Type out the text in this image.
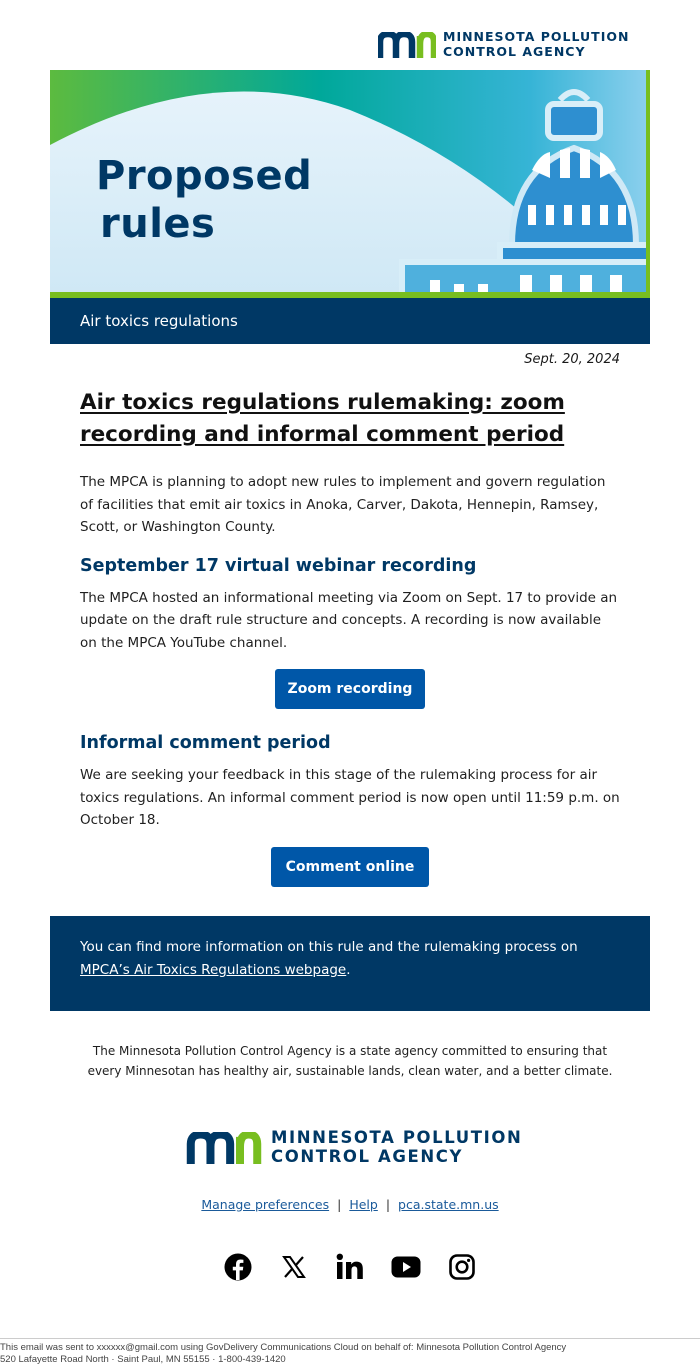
MINNESOTA POLLUTION
CONTROL AGENCY
Proposed
rules
Air toxics regulations
Sept. 20, 2024
Air toxics regulations rulemaking: zoom recording and informal comment period

The MPCA is planning to adopt new rules to implement and govern regulation of facilities that emit air toxics in Anoka, Carver, Dakota, Hennepin, Ramsey, Scott, or Washington County.

September 17 virtual webinar recording

The MPCA hosted an informational meeting via Zoom on Sept. 17 to provide an update on the draft rule structure and concepts. A recording is now available on the MPCA YouTube channel.

Zoom recording
Informal comment period

We are seeking your feedback in this stage of the rulemaking process for air toxics regulations. An informal comment period is now open until 11:59 p.m. on October 18.

Comment online
You can find more information on this rule and the rulemaking process on MPCA’s Air Toxics Regulations webpage.
The Minnesota Pollution Control Agency is a state agency committed to ensuring that every Minnesotan has healthy air, sustainable lands, clean water, and a better climate.
MINNESOTA POLLUTION
CONTROL AGENCY
Manage preferences | Help | pca.state.mn.us
This email was sent to xxxxxx@gmail.com using GovDelivery Communications Cloud on behalf of: Minnesota Pollution Control Agency
520 Lafayette Road North · Saint Paul, MN 55155 · 1-800-439-1420
